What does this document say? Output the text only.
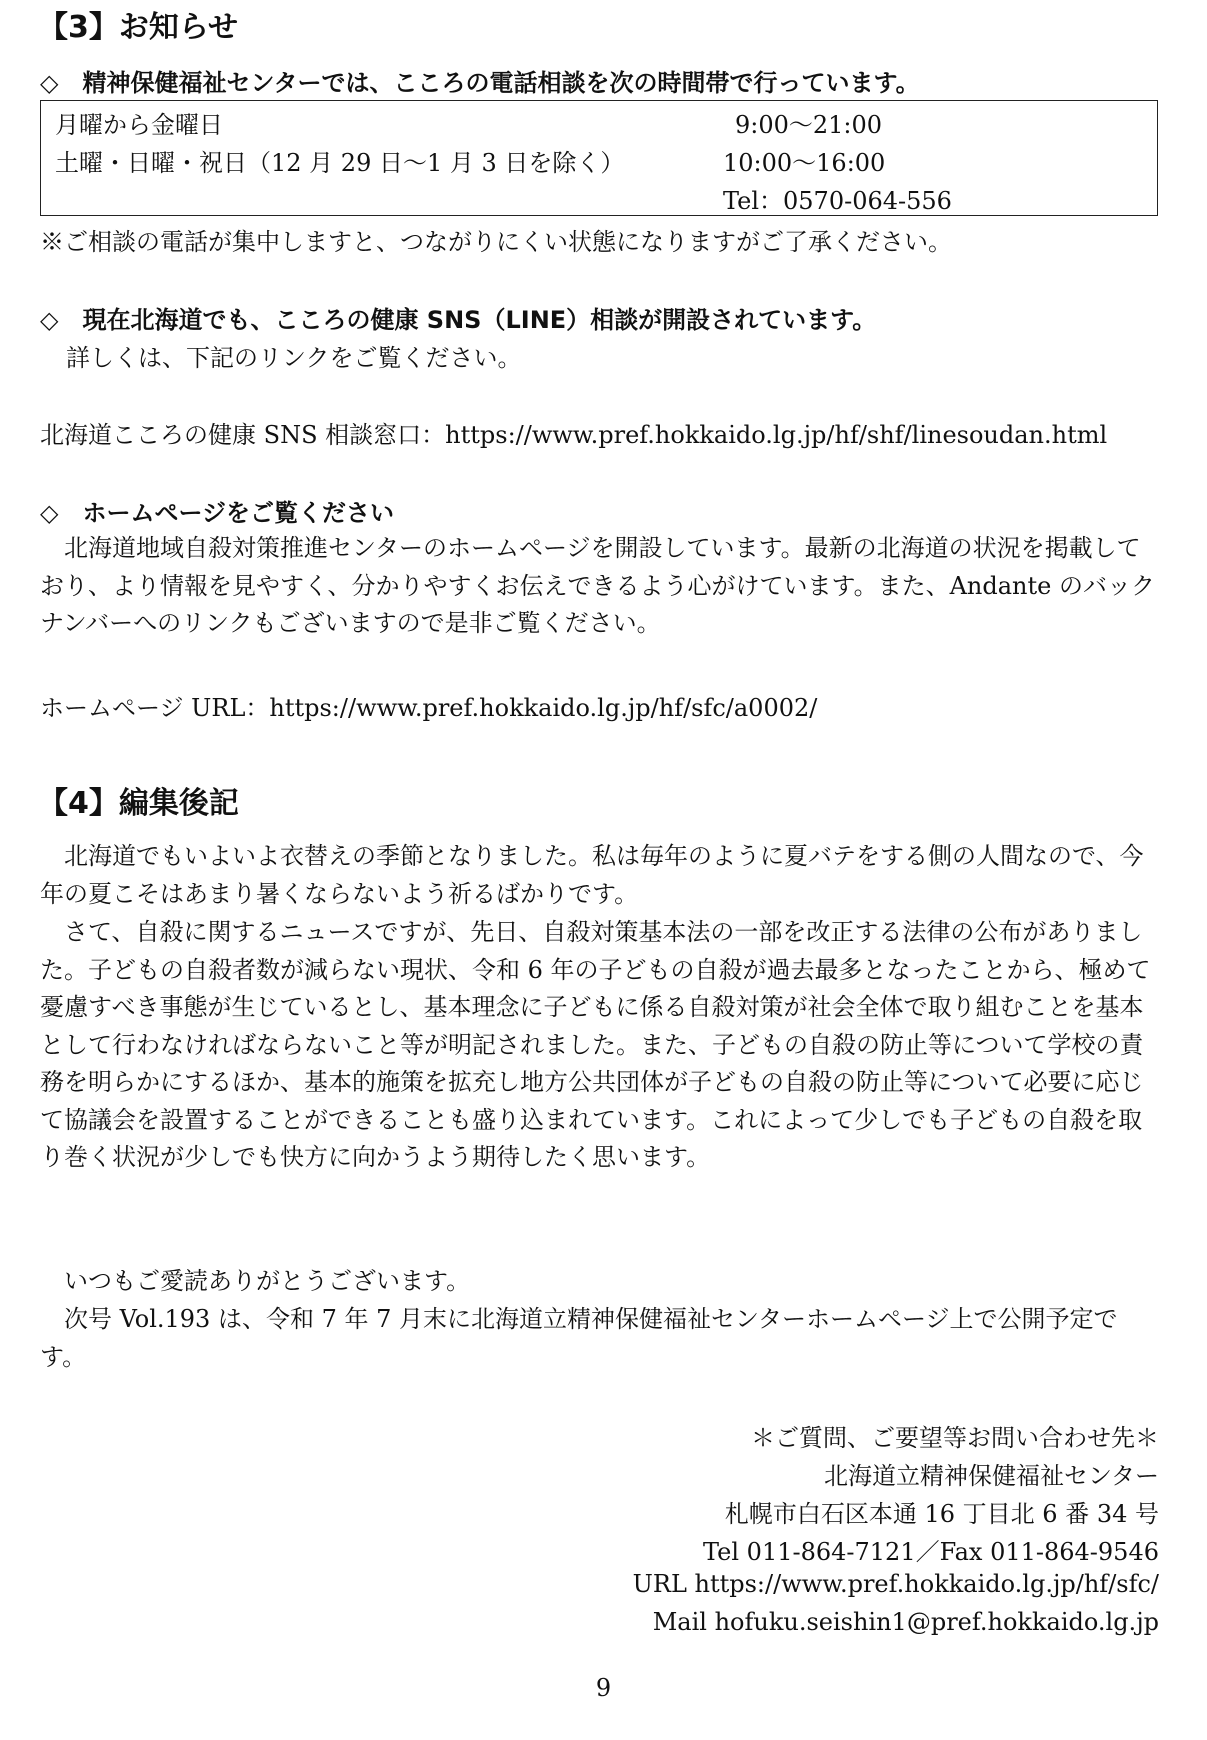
【3】お知らせ
◇　精神保健福祉センターでは、こころの電話相談を次の時間帯で行っています。
月曜から金曜日	9:00〜21:00
土曜・日曜・祝日（12 月 29 日〜1 月 3 日を除く）	10:00〜16:00
Tel：0570-064-556
※ご相談の電話が集中しますと、つながりにくい状態になりますがご了承ください。
◇　現在北海道でも、こころの健康 SNS（LINE）相談が開設されています。
詳しくは、下記のリンクをご覧ください。
北海道こころの健康 SNS 相談窓口：https://www.pref.hokkaido.lg.jp/hf/shf/linesoudan.html
◇　ホームページをご覧ください

北海道地域自殺対策推進センターのホームページを開設しています。最新の北海道の状況を掲載しており、より情報を見やすく、分かりやすくお伝えできるよう心がけています。また、Andante のバックナンバーへのリンクもございますので是非ご覧ください。

ホームページ URL：https://www.pref.hokkaido.lg.jp/hf/sfc/a0002/
【4】編集後記

北海道でもいよいよ衣替えの季節となりました。私は毎年のように夏バテをする側の人間なので、今年の夏こそはあまり暑くならないよう祈るばかりです。

さて、自殺に関するニュースですが、先日、自殺対策基本法の一部を改正する法律の公布がありました。子どもの自殺者数が減らない現状、令和 6 年の子どもの自殺が過去最多となったことから、極めて憂慮すべき事態が生じているとし、基本理念に子どもに係る自殺対策が社会全体で取り組むことを基本として行わなければならないこと等が明記されました。また、子どもの自殺の防止等について学校の責務を明らかにするほか、基本的施策を拡充し地方公共団体が子どもの自殺の防止等について必要に応じて協議会を設置することができることも盛り込まれています。これによって少しでも子どもの自殺を取り巻く状況が少しでも快方に向かうよう期待したく思います。

いつもご愛読ありがとうございます。

次号 Vol.193 は、令和 7 年 7 月末に北海道立精神保健福祉センターホームページ上で公開予定です。

＊ご質問、ご要望等お問い合わせ先＊
北海道立精神保健福祉センター
札幌市白石区本通 16 丁目北 6 番 34 号
Tel 011-864-7121／Fax 011-864-9546
URL https://www.pref.hokkaido.lg.jp/hf/sfc/
Mail hofuku.seishin1@pref.hokkaido.lg.jp
9
